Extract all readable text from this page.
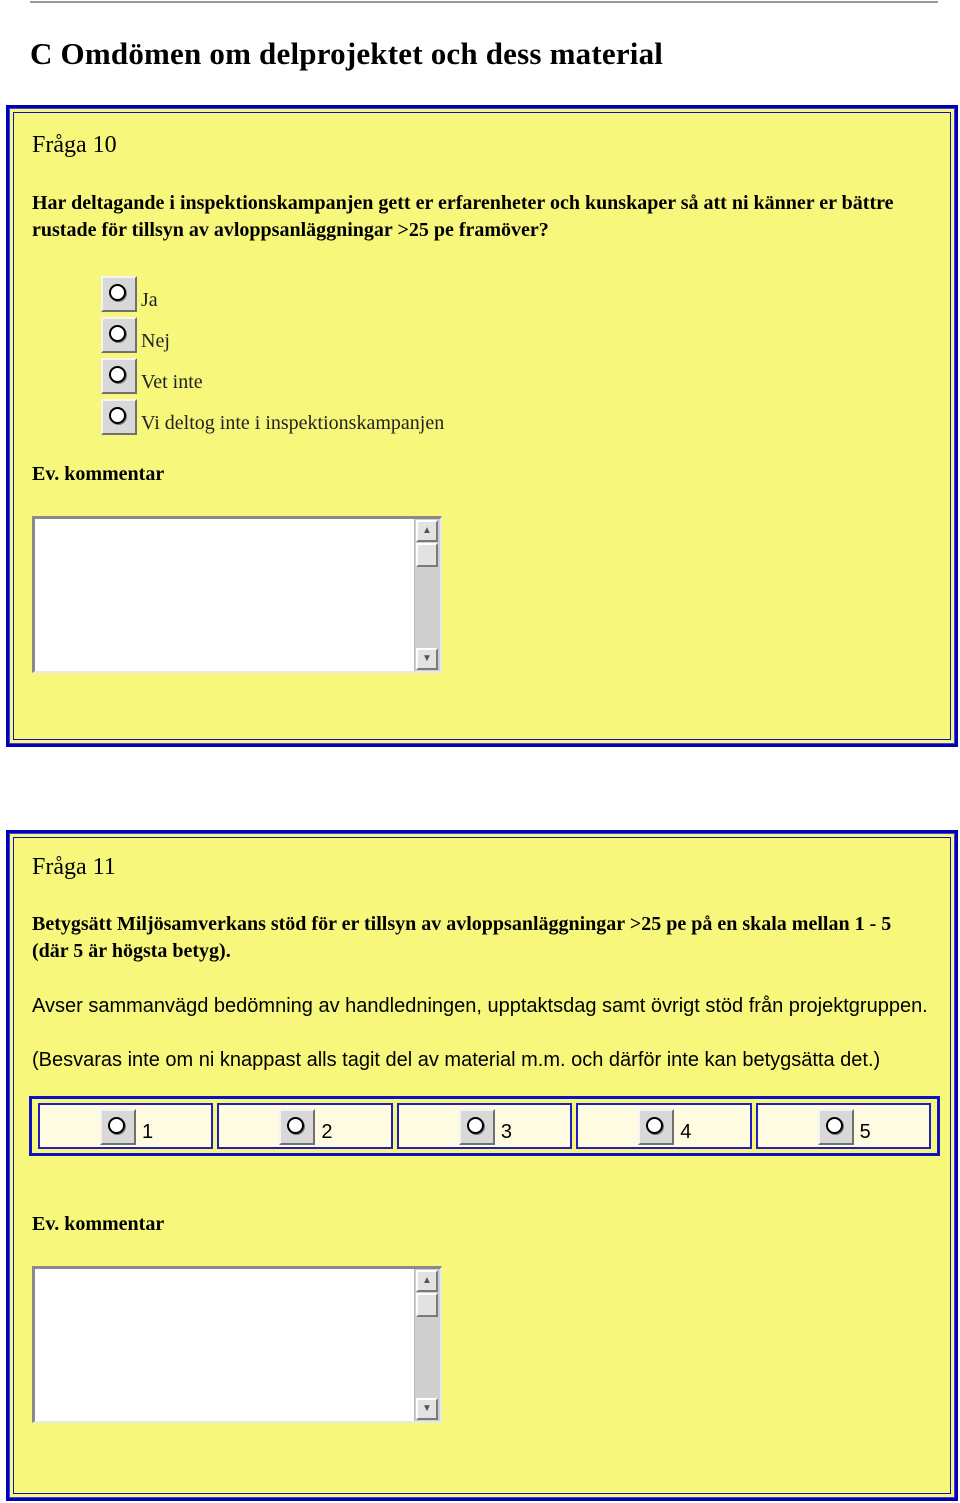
C Omdömen om delprojektet och dess material
Fråga 10

Har deltagande i inspektionskampanjen gett er erfarenheter och kunskaper så att ni känner er bättre rustade för tillsyn av avloppsanläggningar >25 pe framöver?

Ja
Nej
Vet inte
Vi deltog inte i inspektionskampanjen
Ev. kommentar
▲
▼
Fråga 11

Betygsätt Miljösamverkans stöd för er tillsyn av avloppsanläggningar >25 pe på en skala mellan 1 - 5 (där 5 är högsta betyg).

Avser sammanvägd bedömning av handledningen, upptaktsdag samt övrigt stöd från projektgruppen.

(Besvaras inte om ni knappast alls tagit del av material m.m. och därför inte kan betygsätta det.)

1	2	3	4	5
Ev. kommentar
▲
▼
